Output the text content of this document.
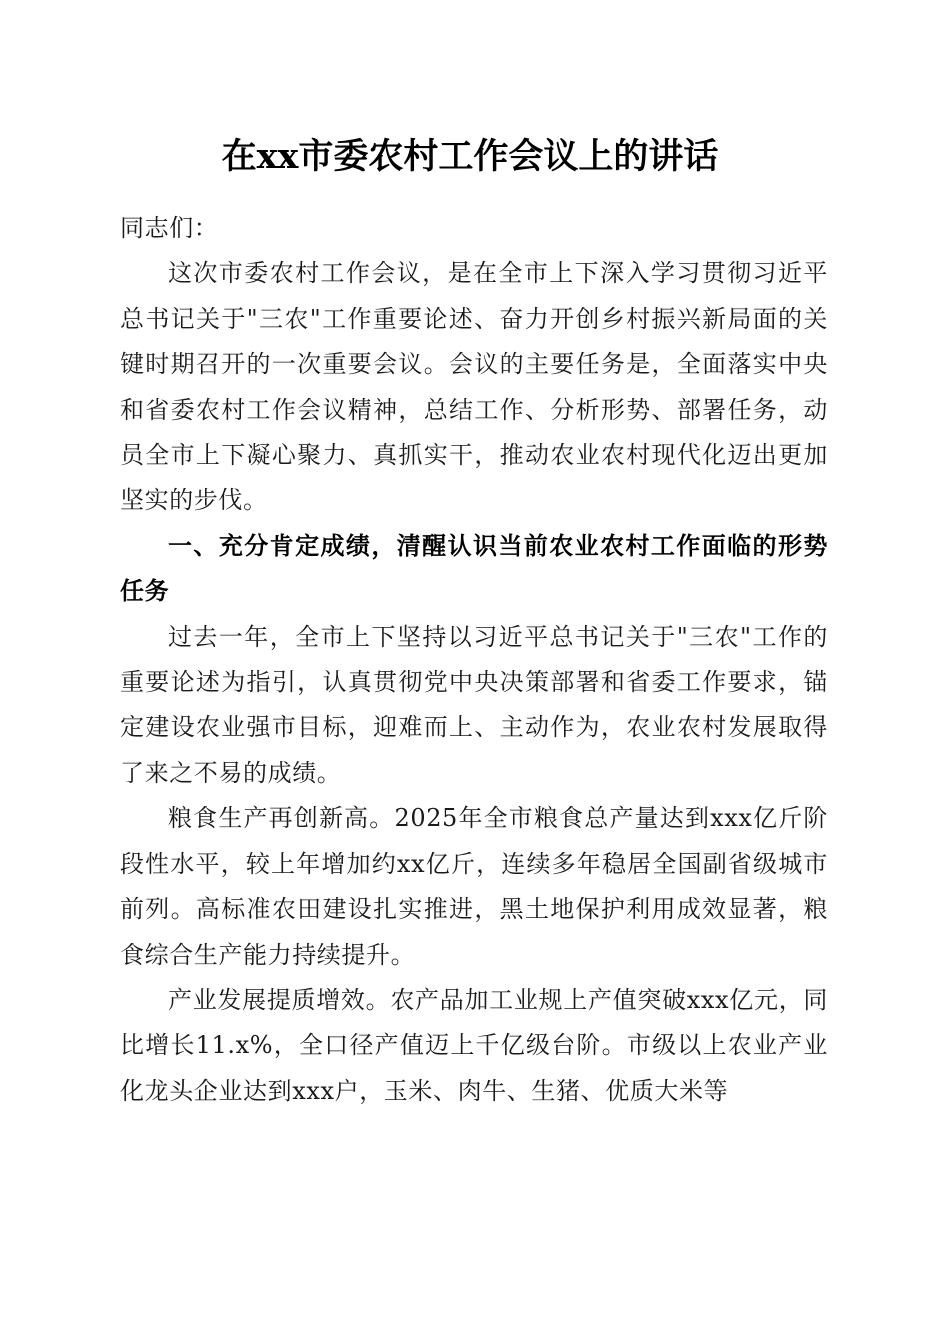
在xx市委农村工作会议上的讲话

同志们：

这次市委农村工作会议，是在全市上下深入学习贯彻习近平总书记关于"三农"工作重要论述、奋力开创乡村振兴新局面的关键时期召开的一次重要会议。会议的主要任务是，全面落实中央和省委农村工作会议精神，总结工作、分析形势、部署任务，动员全市上下凝心聚力、真抓实干，推动农业农村现代化迈出更加坚实的步伐。

一、充分肯定成绩，清醒认识当前农业农村工作面临的形势任务

过去一年，全市上下坚持以习近平总书记关于"三农"工作的重要论述为指引，认真贯彻党中央决策部署和省委工作要求，锚定建设农业强市目标，迎难而上、主动作为，农业农村发展取得了来之不易的成绩。

粮食生产再创新高。2025年全市粮食总产量达到xxx亿斤阶段性水平，较上年增加约xx亿斤，连续多年稳居全国副省级城市前列。高标准农田建设扎实推进，黑土地保护利用成效显著，粮食综合生产能力持续提升。

产业发展提质增效。农产品加工业规上产值突破xxx亿元，同比增长11.x%，全口径产值迈上千亿级台阶。市级以上农业产业化龙头企业达到xxx户，玉米、肉牛、生猪、优质大米等
